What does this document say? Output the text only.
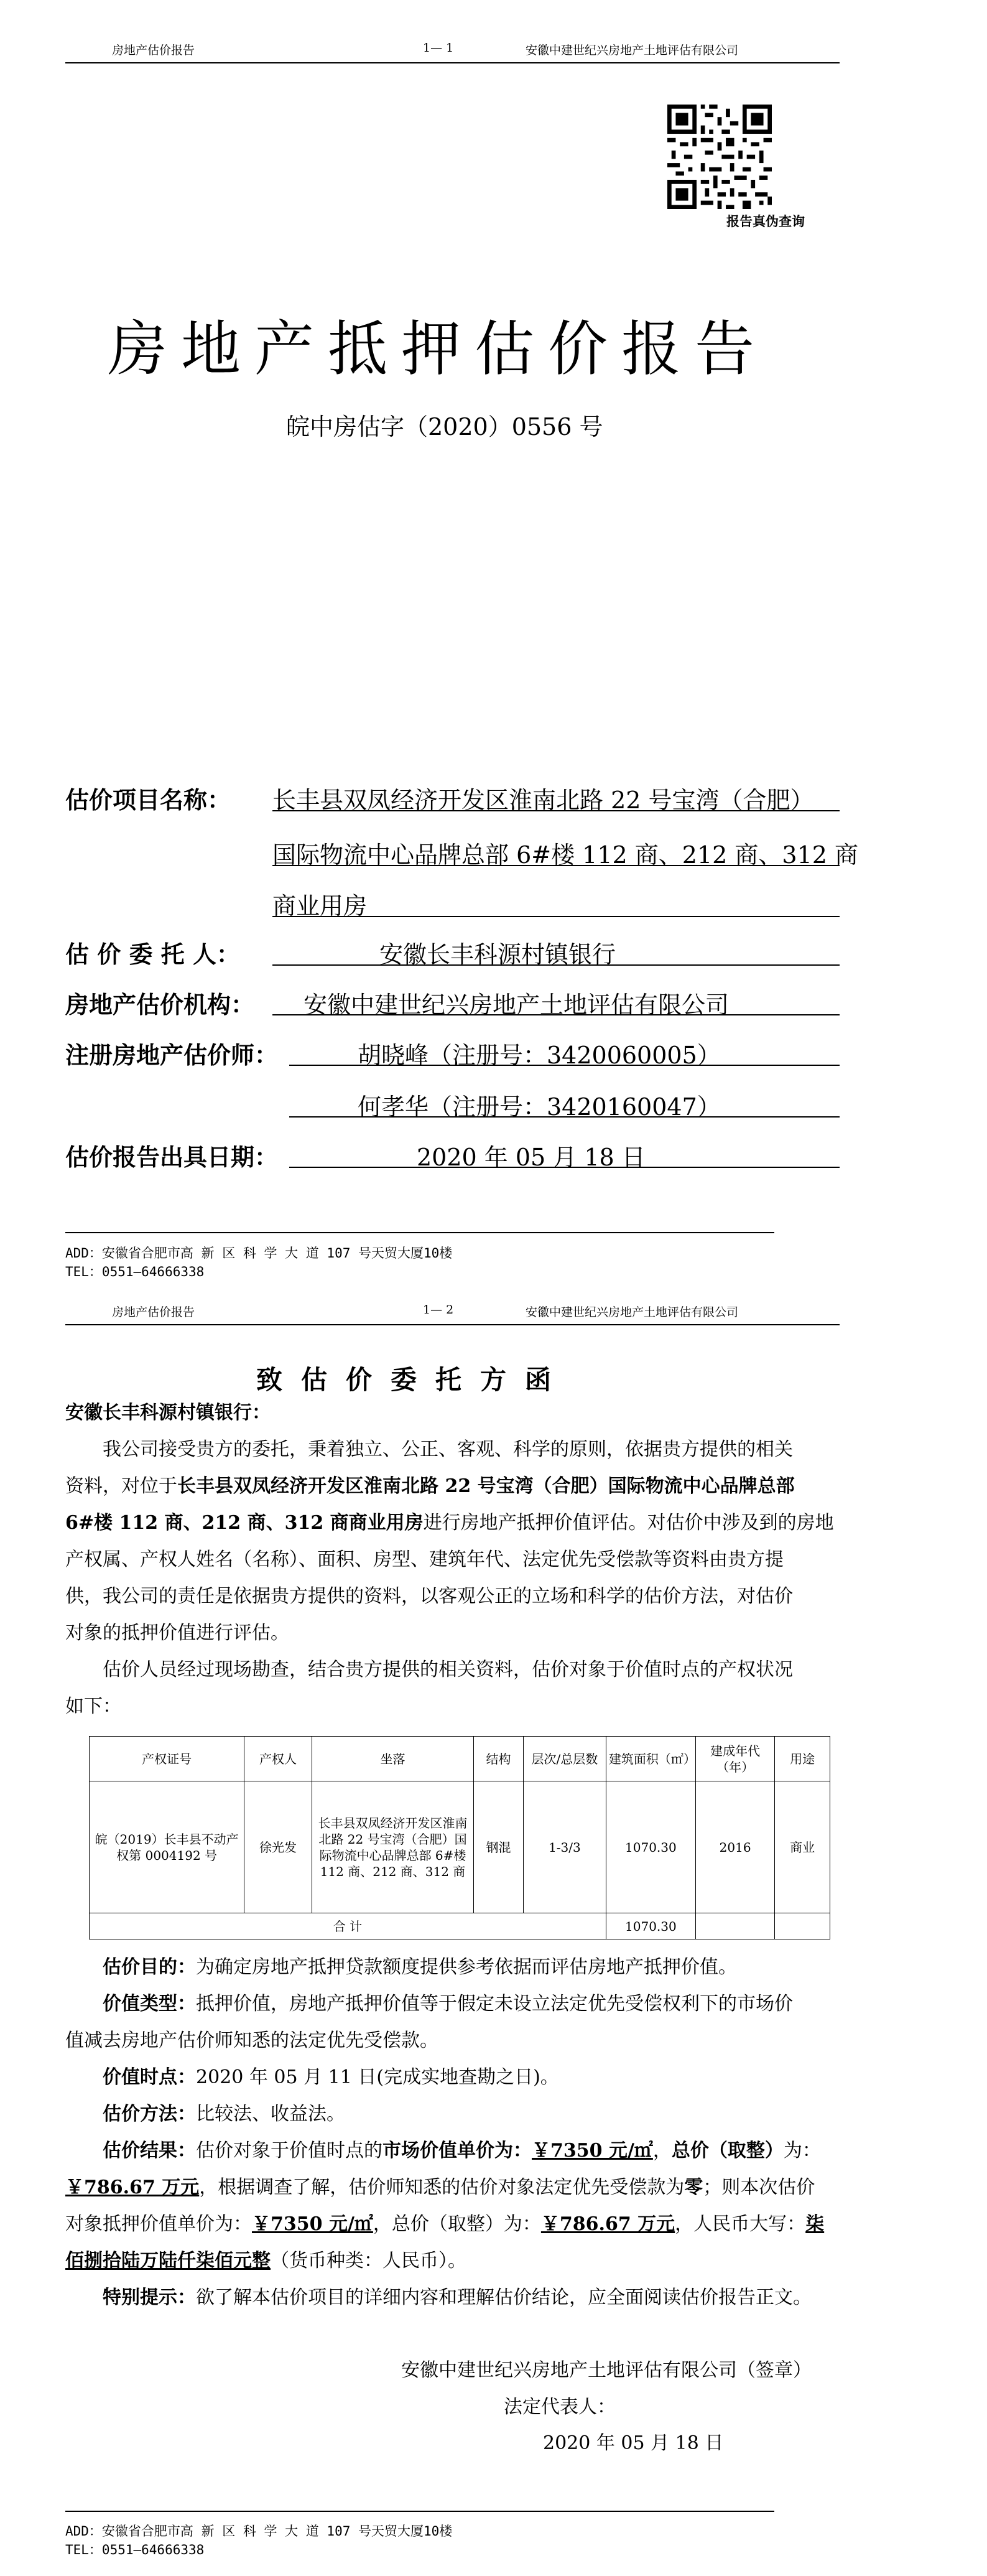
房地产估价报告	1— 1	安徽中建世纪兴房地产土地评估有限公司
报告真伪查询
房地产抵押估价报告
皖中房估字（2020）0556 号
估价项目名称： 长丰县双凤经济开发区淮南北路 22 号宝湾（合肥）
国际物流中心品牌总部 6#楼 112 商、212 商、312 商
商业用房
估 价 委 托 人：	安徽长丰科源村镇银行
房地产估价机构： 安徽中建世纪兴房地产土地评估有限公司
注册房地产估价师：	胡晓峰（注册号：3420060005）
何孝华（注册号：3420160047）
估价报告出具日期：	2020 年 05 月 18 日
ADD：安徽省合肥市高 新 区 科 学 大 道 107 号天贸大厦10楼
TEL：0551—64666338
房地产估价报告	1— 2	安徽中建世纪兴房地产土地评估有限公司
致估价委托方函
安徽长丰科源村镇银行：
我公司接受贵方的委托，秉着独立、公正、客观、科学的原则，依据贵方提供的相关
资料，对位于长丰县双凤经济开发区淮南北路 22 号宝湾（合肥）国际物流中心品牌总部
6#楼 112 商、212 商、312 商商业用房进行房地产抵押价值评估。对估价中涉及到的房地
产权属、产权人姓名（名称）、面积、房型、建筑年代、法定优先受偿款等资料由贵方提
供，我公司的责任是依据贵方提供的资料，以客观公正的立场和科学的估价方法，对估价
对象的抵押价值进行评估。
估价人员经过现场勘查，结合贵方提供的相关资料，估价对象于价值时点的产权状况
如下：
产权证号	产权人	坐落	结构	层次/总层数	建筑面积（㎡）	建成年代（年）	用途
皖（2019）长丰县不动产权第 0004192 号	徐光发	长丰县双凤经济开发区淮南北路 22 号宝湾（合肥）国际物流中心品牌总部 6#楼 112 商、212 商、312 商	钢混	1-3/3	1070.30	2016	商业
合 计					1070.30		
估价目的：为确定房地产抵押贷款额度提供参考依据而评估房地产抵押价值。
价值类型：抵押价值，房地产抵押价值等于假定未设立法定优先受偿权利下的市场价
值减去房地产估价师知悉的法定优先受偿款。
价值时点：2020 年 05 月 11 日(完成实地查勘之日)。
估价方法：比较法、收益法。
估价结果：估价对象于价值时点的市场价值单价为：￥7350 元/㎡，总价（取整）为：
￥786.67 万元，根据调查了解，估价师知悉的估价对象法定优先受偿款为零；则本次估价
对象抵押价值单价为：￥7350 元/㎡，总价（取整）为：￥786.67 万元，人民币大写：柒
佰捌拾陆万陆仟柒佰元整（货币种类：人民币）。
特别提示：欲了解本估价项目的详细内容和理解估价结论，应全面阅读估价报告正文。
安徽中建世纪兴房地产土地评估有限公司（签章）
法定代表人：
2020 年 05 月 18 日
ADD：安徽省合肥市高 新 区 科 学 大 道 107 号天贸大厦10楼
TEL：0551—64666338
